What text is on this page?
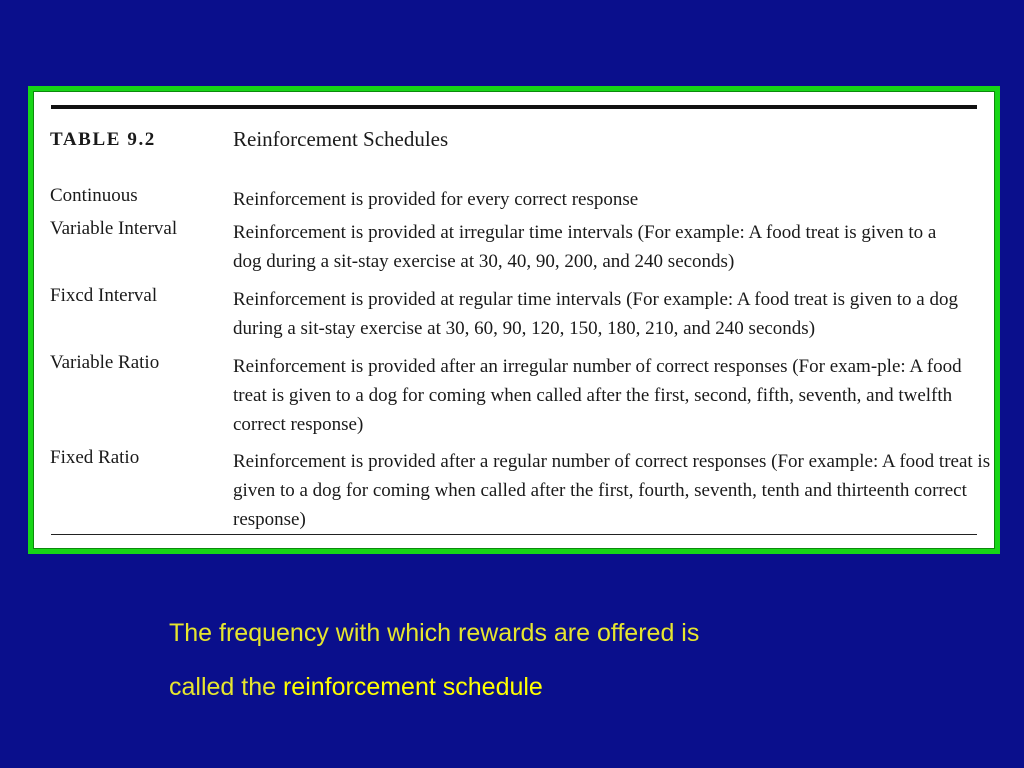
TABLE 9.2	Reinforcement Schedules
Continuous	Reinforcement is provided for every correct response
Variable Interval	Reinforcement is provided at irregular time intervals (For example: A food treat is given to a dog during a sit-stay exercise at 30, 40, 90, 200, and 240 seconds)
Fixcd Interval	Reinforcement is provided at regular time intervals (For example: A food treat is given to a dog during a sit-stay exercise at 30, 60, 90, 120, 150, 180, 210, and 240 seconds)
Variable Ratio	Reinforcement is provided after an irregular number of correct responses (For exam-ple: A food treat is given to a dog for coming when called after the first, second, fifth, seventh, and twelfth correct response)
Fixed Ratio	Reinforcement is provided after a regular number of correct responses (For example: A food treat is given to a dog for coming when called after the first, fourth, seventh, tenth and thirteenth correct response)
The frequency with which rewards are offered is
called the reinforcement schedule
